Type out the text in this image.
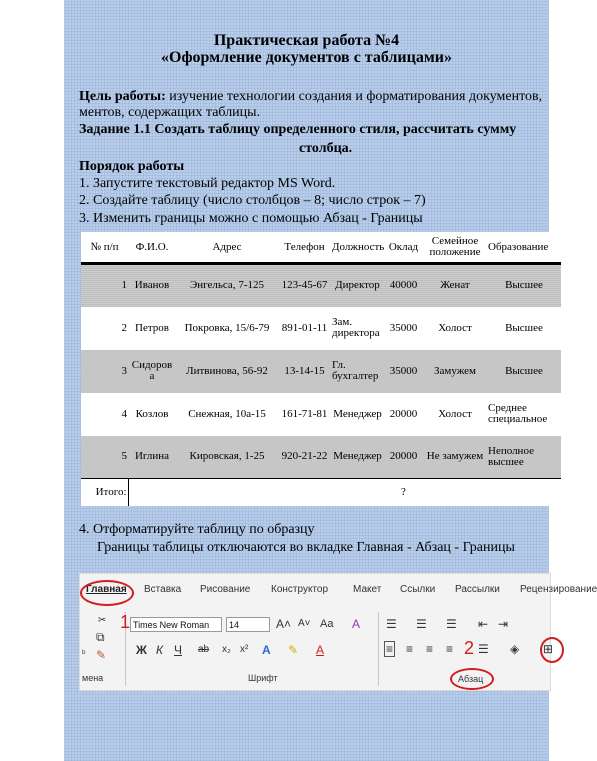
Практическая работа №4
«Оформление документов с таблицами»
Цель работы: изучение технологии создания и форматирования документов,
ментов, содержащих таблицы.
Задание 1.1 Создать таблицу определенного стиля, рассчитать сумму
столбца.
Порядок работы
1. Запустите текстовый редактор MS Word.
2. Создайте таблицу (число столбцов – 8; число строк – 7)
3. Изменить границы можно с помощью Абзац - Границы
№ п/п	Ф.И.О.	Адрес	Телефон	Должность	Оклад	Семейное положение	Образование
1	Иванов	Энгельса, 7-125	123-45-67	Директор	40000	Женат	Высшее
2	Петров	Покровка, 15/6-79	891-01-11	Зам. директора	35000	Холост	Высшее
3	Сидоров а	Литвинова, 56-92	13-14-15	Гл. бухгалтер	35000	Замужем	Высшее
4	Козлов	Снежная, 10а-15	161-71-81	Менеджер	20000	Холост	Среднее специальное
5	Иглина	Кировская, 1-25	920-21-22	Менеджер	20000	Не замужем	Неполное высшее
Итого:					?		
4. Отформатируйте таблицу по образцу
Границы таблицы отключаются во вкладке Главная - Абзац - Границы
Главная Вставка Рисование Конструктор Макет Ссылки Рассылки Рецензирование
✂
⧉
ᵇ ✎
мена
1 Times New Roman	14	A˄ A˅ Aa A
Ж К Ч ab x₂ x² A ✎ A
Шрифт
☰ ☰ ☰ ⇤ ⇥
≡ ≡ ≡ ≡ 2 ☰ ◈ ⊞
Абзац
